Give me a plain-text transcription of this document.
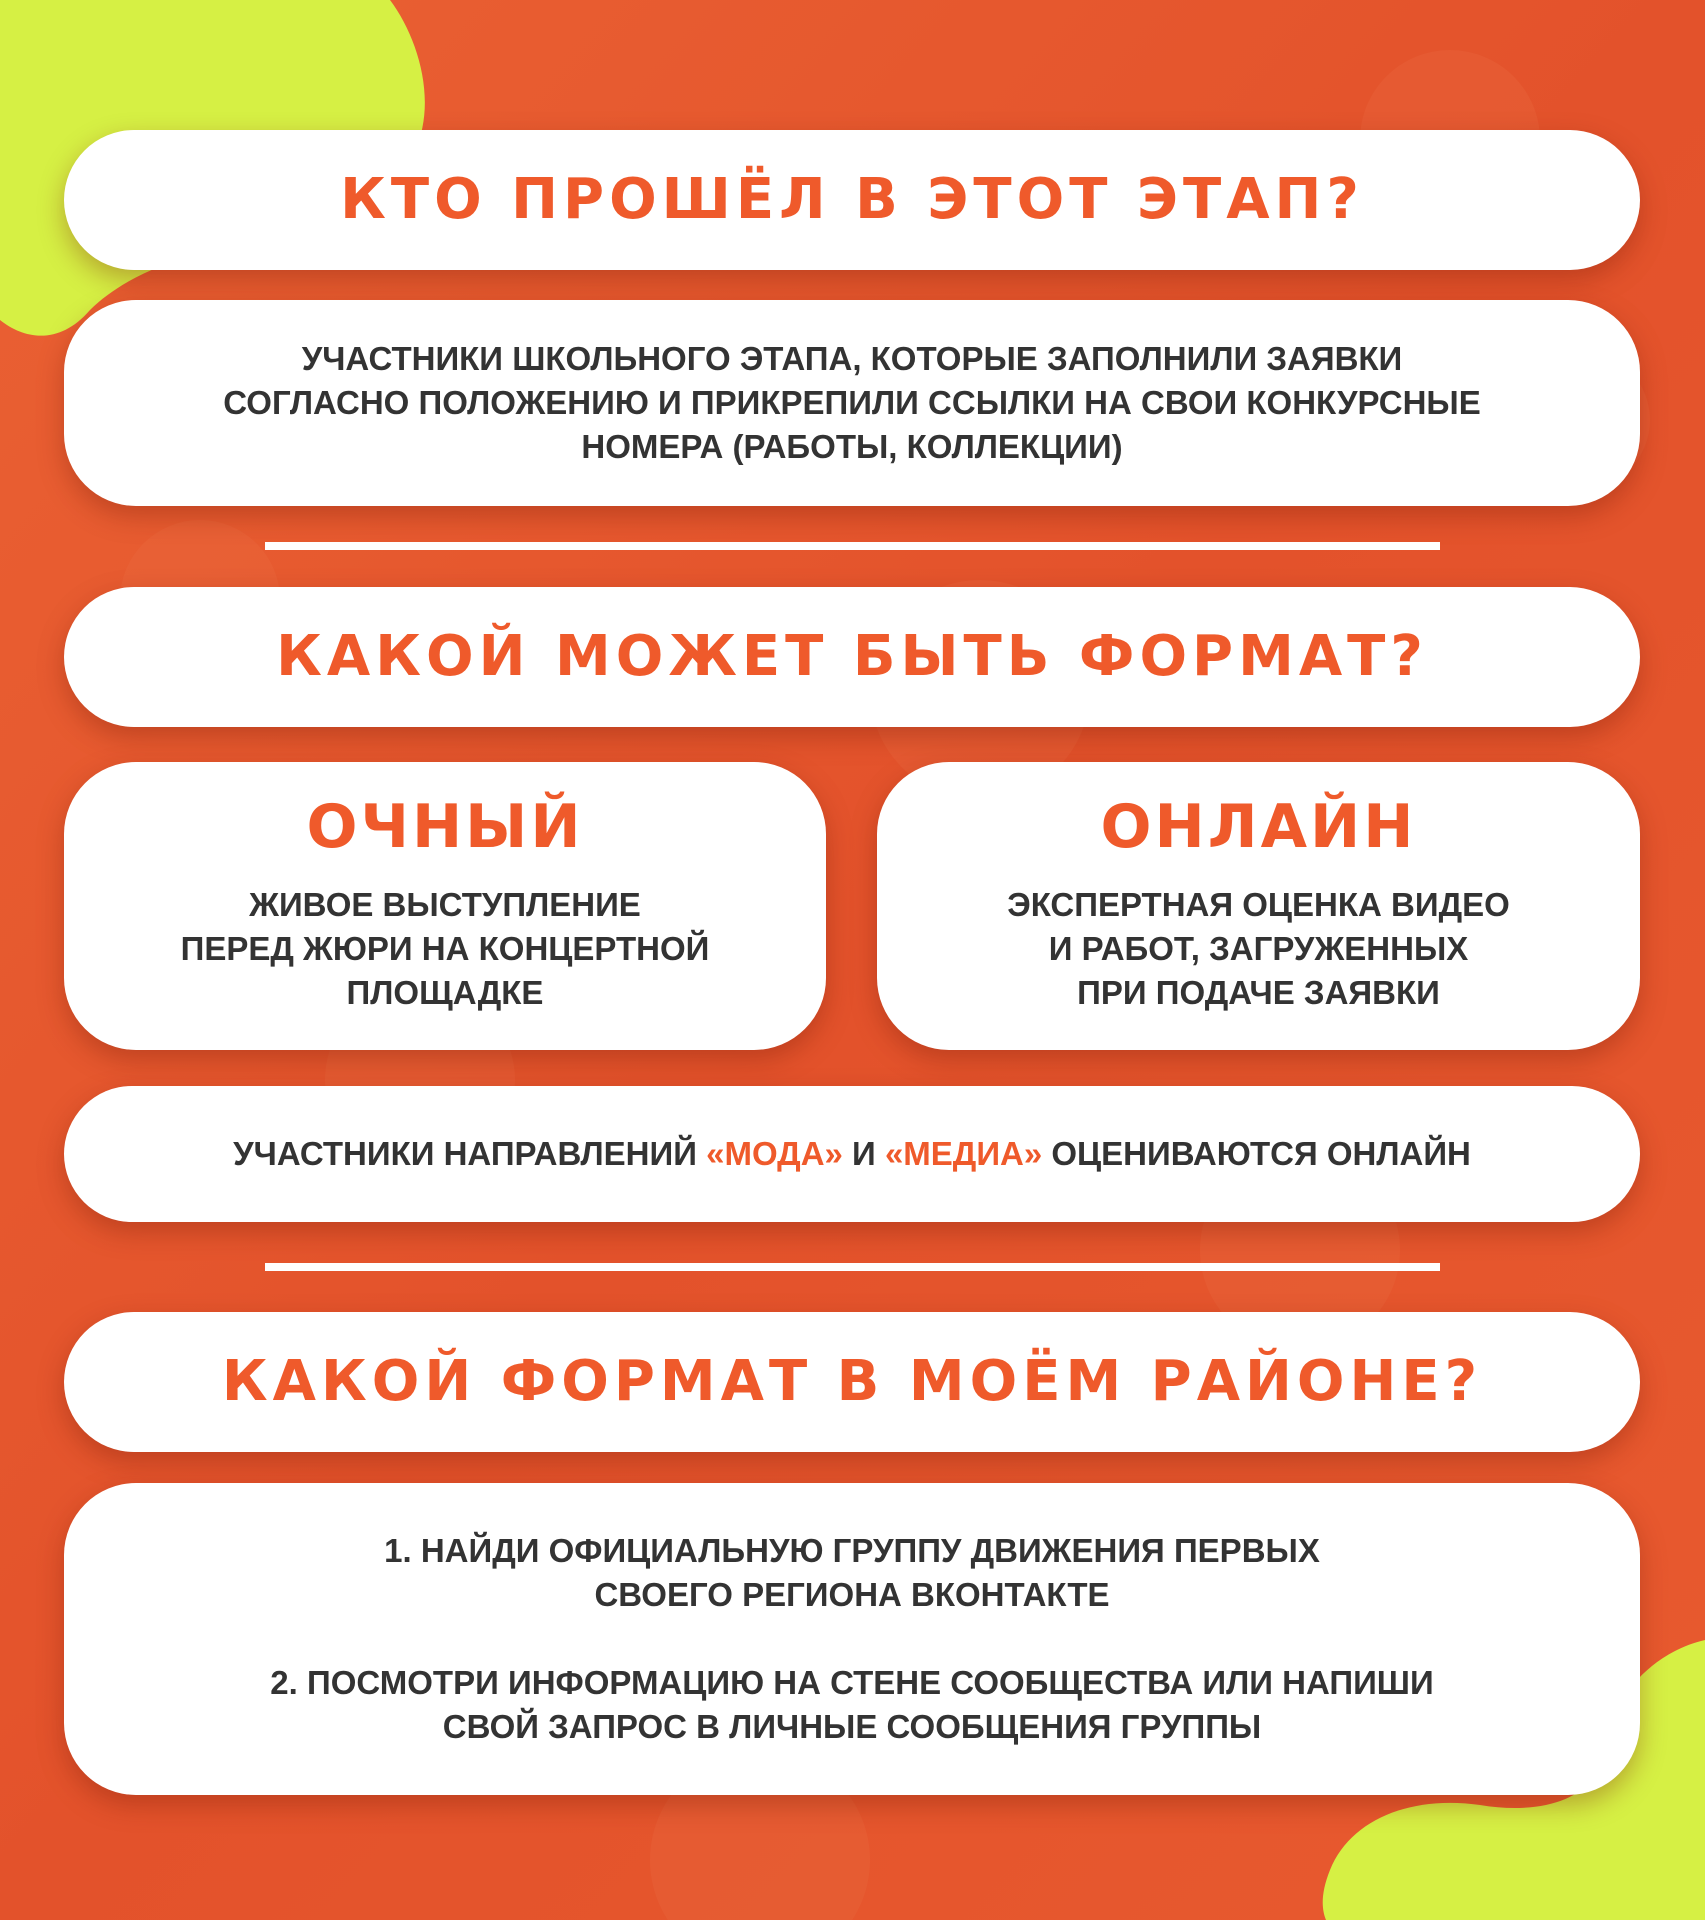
КТО ПРОШЁЛ В ЭТОТ ЭТАП?
УЧАСТНИКИ ШКОЛЬНОГО ЭТАПА, КОТОРЫЕ ЗАПОЛНИЛИ ЗАЯВКИ
СОГЛАСНО ПОЛОЖЕНИЮ И ПРИКРЕПИЛИ ССЫЛКИ НА СВОИ КОНКУРСНЫЕ
НОМЕРА (РАБОТЫ, КОЛЛЕКЦИИ)
КАКОЙ МОЖЕТ БЫТЬ ФОРМАТ?
ОЧНЫЙ
ЖИВОЕ ВЫСТУПЛЕНИЕ
ПЕРЕД ЖЮРИ НА КОНЦЕРТНОЙ
ПЛОЩАДКЕ
ОНЛАЙН
ЭКСПЕРТНАЯ ОЦЕНКА ВИДЕО
И РАБОТ, ЗАГРУЖЕННЫХ
ПРИ ПОДАЧЕ ЗАЯВКИ
УЧАСТНИКИ НАПРАВЛЕНИЙ «МОДА» И «МЕДИА» ОЦЕНИВАЮТСЯ ОНЛАЙН
КАКОЙ ФОРМАТ В МОЁМ РАЙОНЕ?
1. НАЙДИ ОФИЦИАЛЬНУЮ ГРУППУ ДВИЖЕНИЯ ПЕРВЫХ
СВОЕГО РЕГИОНА ВКОНТАКТЕ
2. ПОСМОТРИ ИНФОРМАЦИЮ НА СТЕНЕ СООБЩЕСТВА ИЛИ НАПИШИ
СВОЙ ЗАПРОС В ЛИЧНЫЕ СООБЩЕНИЯ ГРУППЫ
